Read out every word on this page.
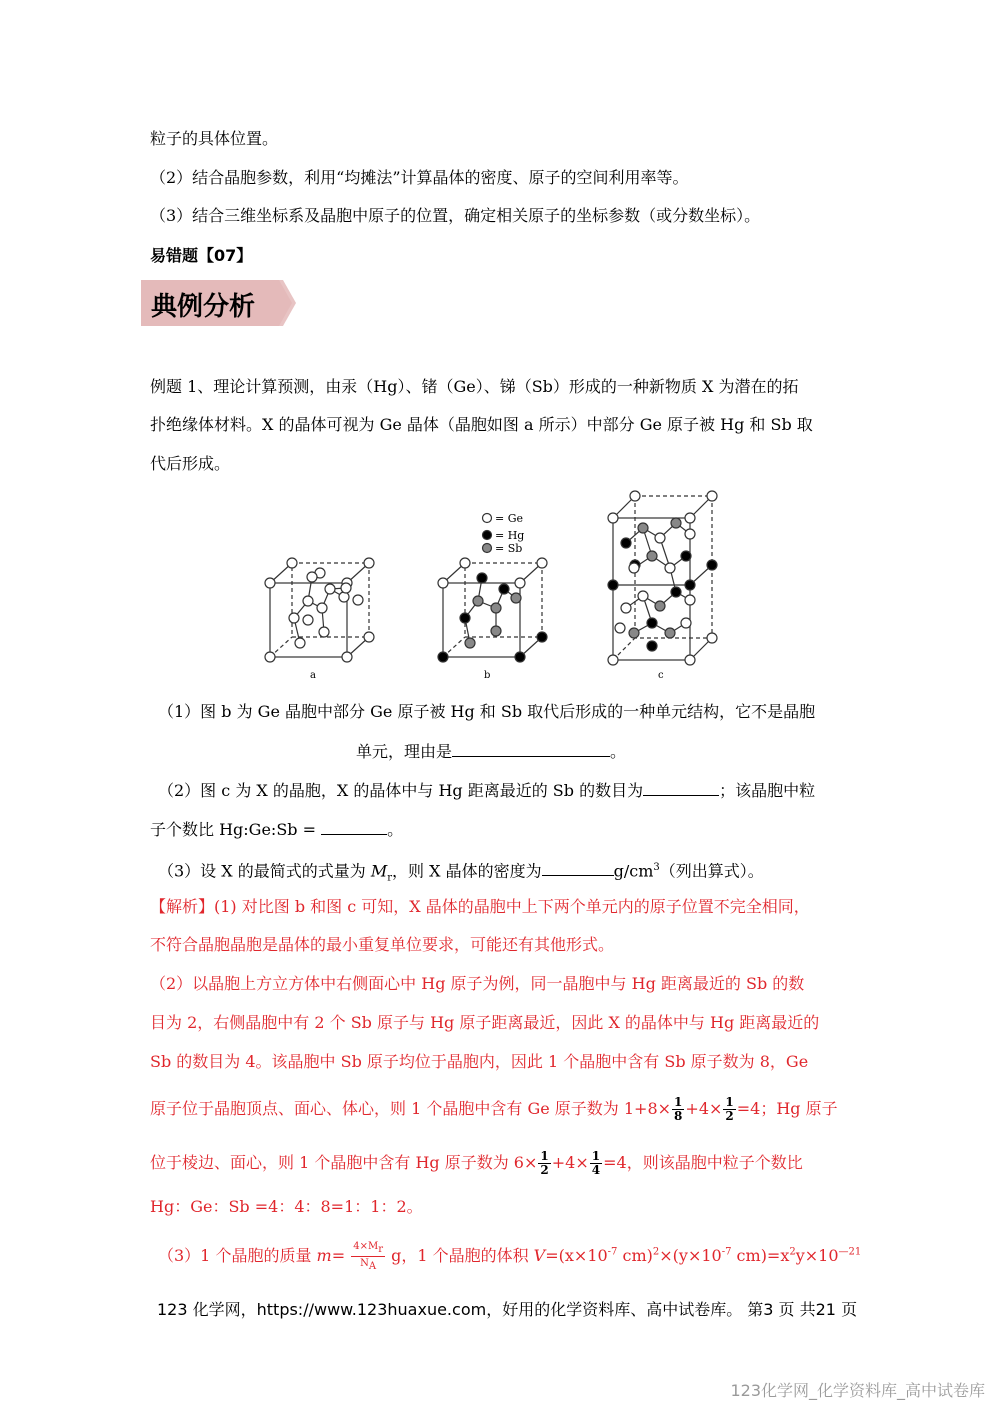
粒子的具体位置。
（2）结合晶胞参数，利用“均摊法”计算晶体的密度、原子的空间利用率等。
（3）结合三维坐标系及晶胞中原子的位置，确定相关原子的坐标参数（或分数坐标）。
易错题【07】
典例分析
例题 1、理论计算预测，由汞（Hg）、锗（Ge）、锑（Sb）形成的一种新物质 X 为潜在的拓
扑绝缘体材料。X 的晶体可视为 Ge 晶体（晶胞如图 a 所示）中部分 Ge 原子被 Hg 和 Sb 取
代后形成。
= Ge
= Hg
= Sb
a	b	c
（1）图 b 为 Ge 晶胞中部分 Ge 原子被 Hg 和 Sb 取代后形成的一种单元结构，它不是晶胞
单元，理由是	。
（2）图 c 为 X 的晶胞，X 的晶体中与 Hg 距离最近的 Sb 的数目为	；该晶胞中粒
子个数比 Hg:Ge:Sb =	。
（3）设 X 的最简式的式量为 $M_r$，则 X 晶体的密度为	$g/cm^3$（列出算式）。
【解析】(1) 对比图 b 和图 c 可知，X 晶体的晶胞中上下两个单元内的原子位置不完全相同，
不符合晶胞晶胞是晶体的最小重复单位要求，可能还有其他形式。
（2）以晶胞上方立方体中右侧面心中 Hg 原子为例，同一晶胞中与 Hg 距离最近的 Sb 的数
目为 2，右侧晶胞中有 2 个 Sb 原子与 Hg 原子距离最近，因此 X 的晶体中与 Hg 距离最近的
Sb 的数目为 4。该晶胞中 Sb 原子均位于晶胞内，因此 1 个晶胞中含有 Sb 原子数为 8，Ge
原子位于晶胞顶点、面心、体心，则 1 个晶胞中含有 Ge 原子数为 $1+8\times \frac{1}{8} +4\times \frac{1}{2} =4$；Hg 原子
位于棱边、面心，则 1 个晶胞中含有 Hg 原子数为 $6\times \frac{1}{2} +4\times \frac{1}{4} =4$，则该晶胞中粒子个数比
Hg：Ge：Sb =4：4：8=1：1：2。
（3）1 个晶胞的质量 $m= \frac{4\times M_r}{N_A}$ g，1 个晶胞的体积 $V=(x\times 10^{-7}$ $cm)^2\times(y\times 10^{-7}$ $cm)=x^2y\times 10^{—21}$
123 化学网，https://www.123huaxue.com，好用的化学资料库、高中试卷库。 第3 页 共21 页
123化学网_化学资料库_高中试卷库
